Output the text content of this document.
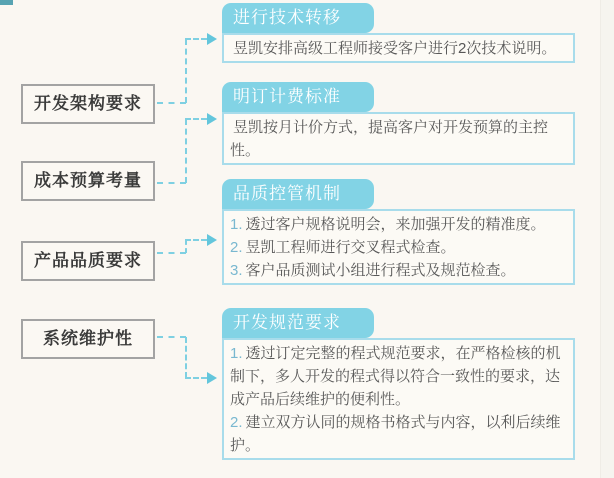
开发架构要求
成本预算考量
产品品质要求
系统维护性
进行技术转移
昱凯安排高级工程师接受客户进行2次技术说明。
明订计费标准
昱凯按月计价方式，提高客户对开发预算的主控性。
品质控管机制
1. 透过客户规格说明会，来加强开发的精准度。
2. 昱凯工程师进行交叉程式检查。
3. 客户品质测试小组进行程式及规范检查。
开发规范要求
1. 透过订定完整的程式规范要求，在严格检核的机制下，多人开发的程式得以符合一致性的要求，达成产品后续维护的便利性。
2. 建立双方认同的规格书格式与内容，以利后续维护。
